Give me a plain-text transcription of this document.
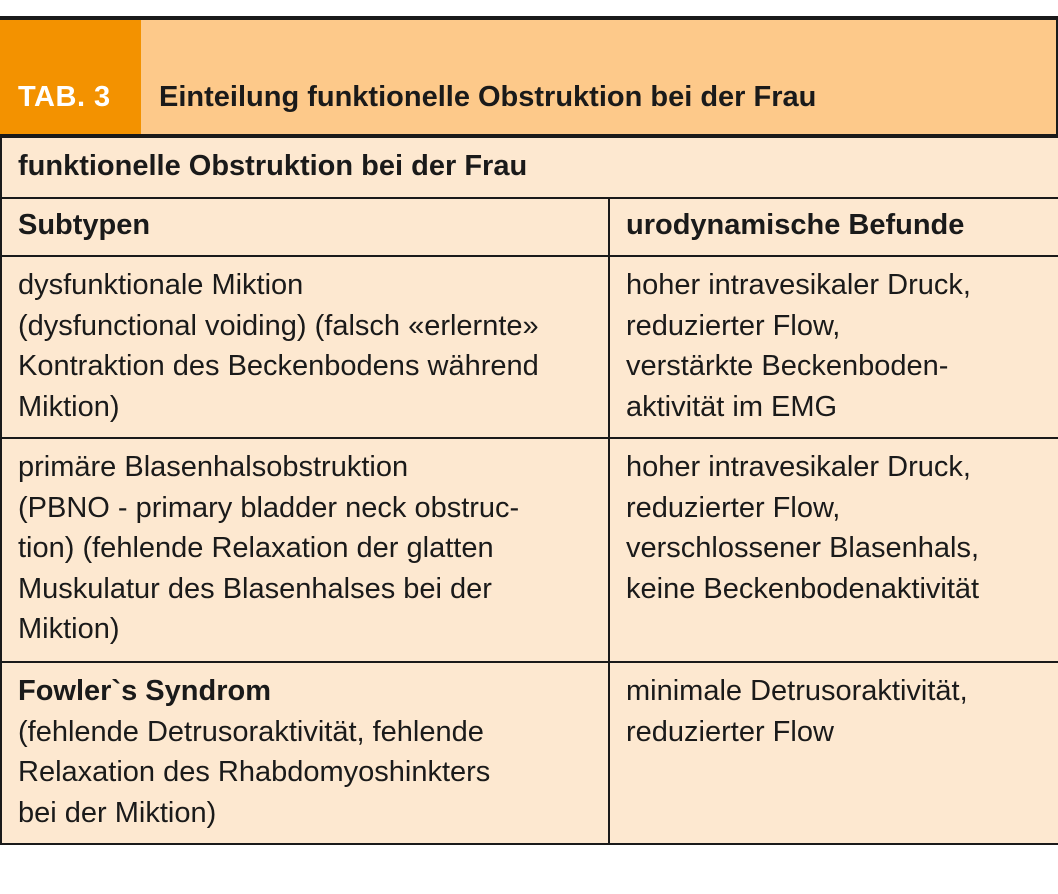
TAB. 3	Einteilung funktionelle Obstruktion bei der Frau
funktionelle Obstruktion bei der Frau	
Subtypen	urodynamische Befunde

dysfunktionale Miktion
(dysfunctional voiding) (falsch «erlernte»
Kontraktion des Beckenbodens während
Miktion)	hoher intravesikaler Druck,
reduzierter Flow,
verstärkte Beckenboden-
aktivität im EMG

primäre Blasenhalsobstruktion
(PBNO - primary bladder neck obstruc-
tion) (fehlende Relaxation der glatten
Muskulatur des Blasenhalses bei der
Miktion)	hoher intravesikaler Druck,
reduzierter Flow,
verschlossener Blasenhals,
keine Beckenbodenaktivität

Fowler`s Syndrom
(fehlende Detrusoraktivität, fehlende
Relaxation des Rhabdomyoshinkters
bei der Miktion)	minimale Detrusoraktivität,
reduzierter Flow
